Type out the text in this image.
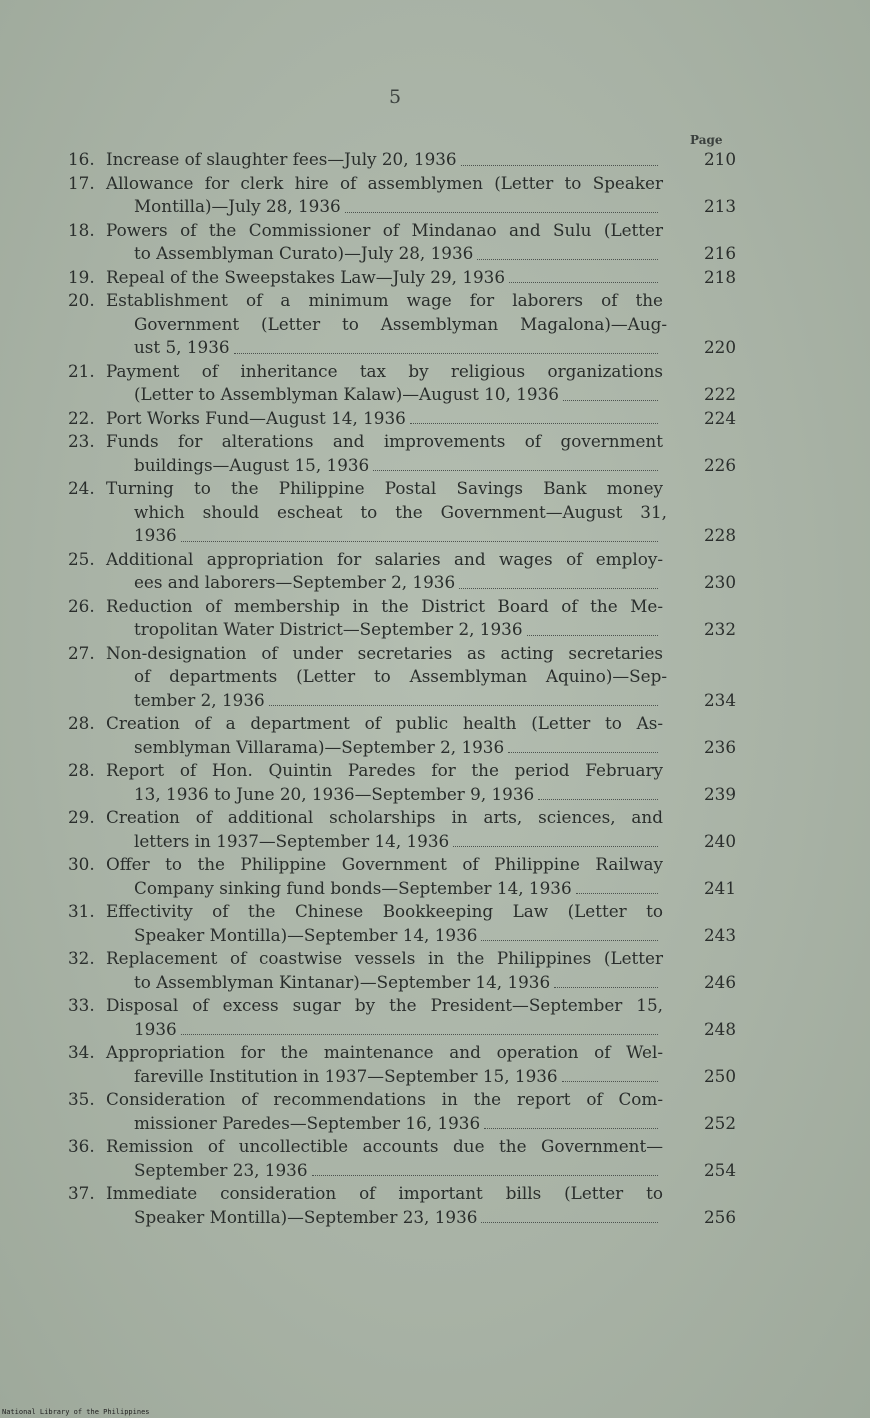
5
Page
16. Increase of slaughter fees—July 20, 1936	210
17. Allowance for clerk hire of assemblymen (Letter to Speaker
Montilla)—July 28, 1936	213
18. Powers of the Commissioner of Mindanao and Sulu (Letter
to Assemblyman Curato)—July 28, 1936	216
19. Repeal of the Sweepstakes Law—July 29, 1936	218
20. Establishment of a minimum wage for laborers of the
Government (Letter to Assemblyman Magalona)—Aug-
ust 5, 1936	220
21. Payment of inheritance tax by religious organizations
(Letter to Assemblyman Kalaw)—August 10, 1936	222
22. Port Works Fund—August 14, 1936	224
23. Funds for alterations and improvements of government
buildings—August 15, 1936	226
24. Turning to the Philippine Postal Savings Bank money
which should escheat to the Government—August 31,
1936	228
25. Additional appropriation for salaries and wages of employ-
ees and laborers—September 2, 1936	230
26. Reduction of membership in the District Board of the Me-
tropolitan Water District—September 2, 1936	232
27. Non-designation of under secretaries as acting secretaries
of departments (Letter to Assemblyman Aquino)—Sep-
tember 2, 1936	234
28. Creation of a department of public health (Letter to As-
semblyman Villarama)—September 2, 1936	236
28. Report of Hon. Quintin Paredes for the period February
13, 1936 to June 20, 1936—September 9, 1936	239
29. Creation of additional scholarships in arts, sciences, and
letters in 1937—September 14, 1936	240
30. Offer to the Philippine Government of Philippine Railway
Company sinking fund bonds—September 14, 1936	241
31. Effectivity of the Chinese Bookkeeping Law (Letter to
Speaker Montilla)—September 14, 1936	243
32. Replacement of coastwise vessels in the Philippines (Letter
to Assemblyman Kintanar)—September 14, 1936	246
33. Disposal of excess sugar by the President—September 15,
1936	248
34. Appropriation for the maintenance and operation of Wel-
fareville Institution in 1937—September 15, 1936	250
35. Consideration of recommendations in the report of Com-
missioner Paredes—September 16, 1936	252
36. Remission of uncollectible accounts due the Government—
September 23, 1936	254
37. Immediate consideration of important bills (Letter to
Speaker Montilla)—September 23, 1936	256
National Library of the Philippines
